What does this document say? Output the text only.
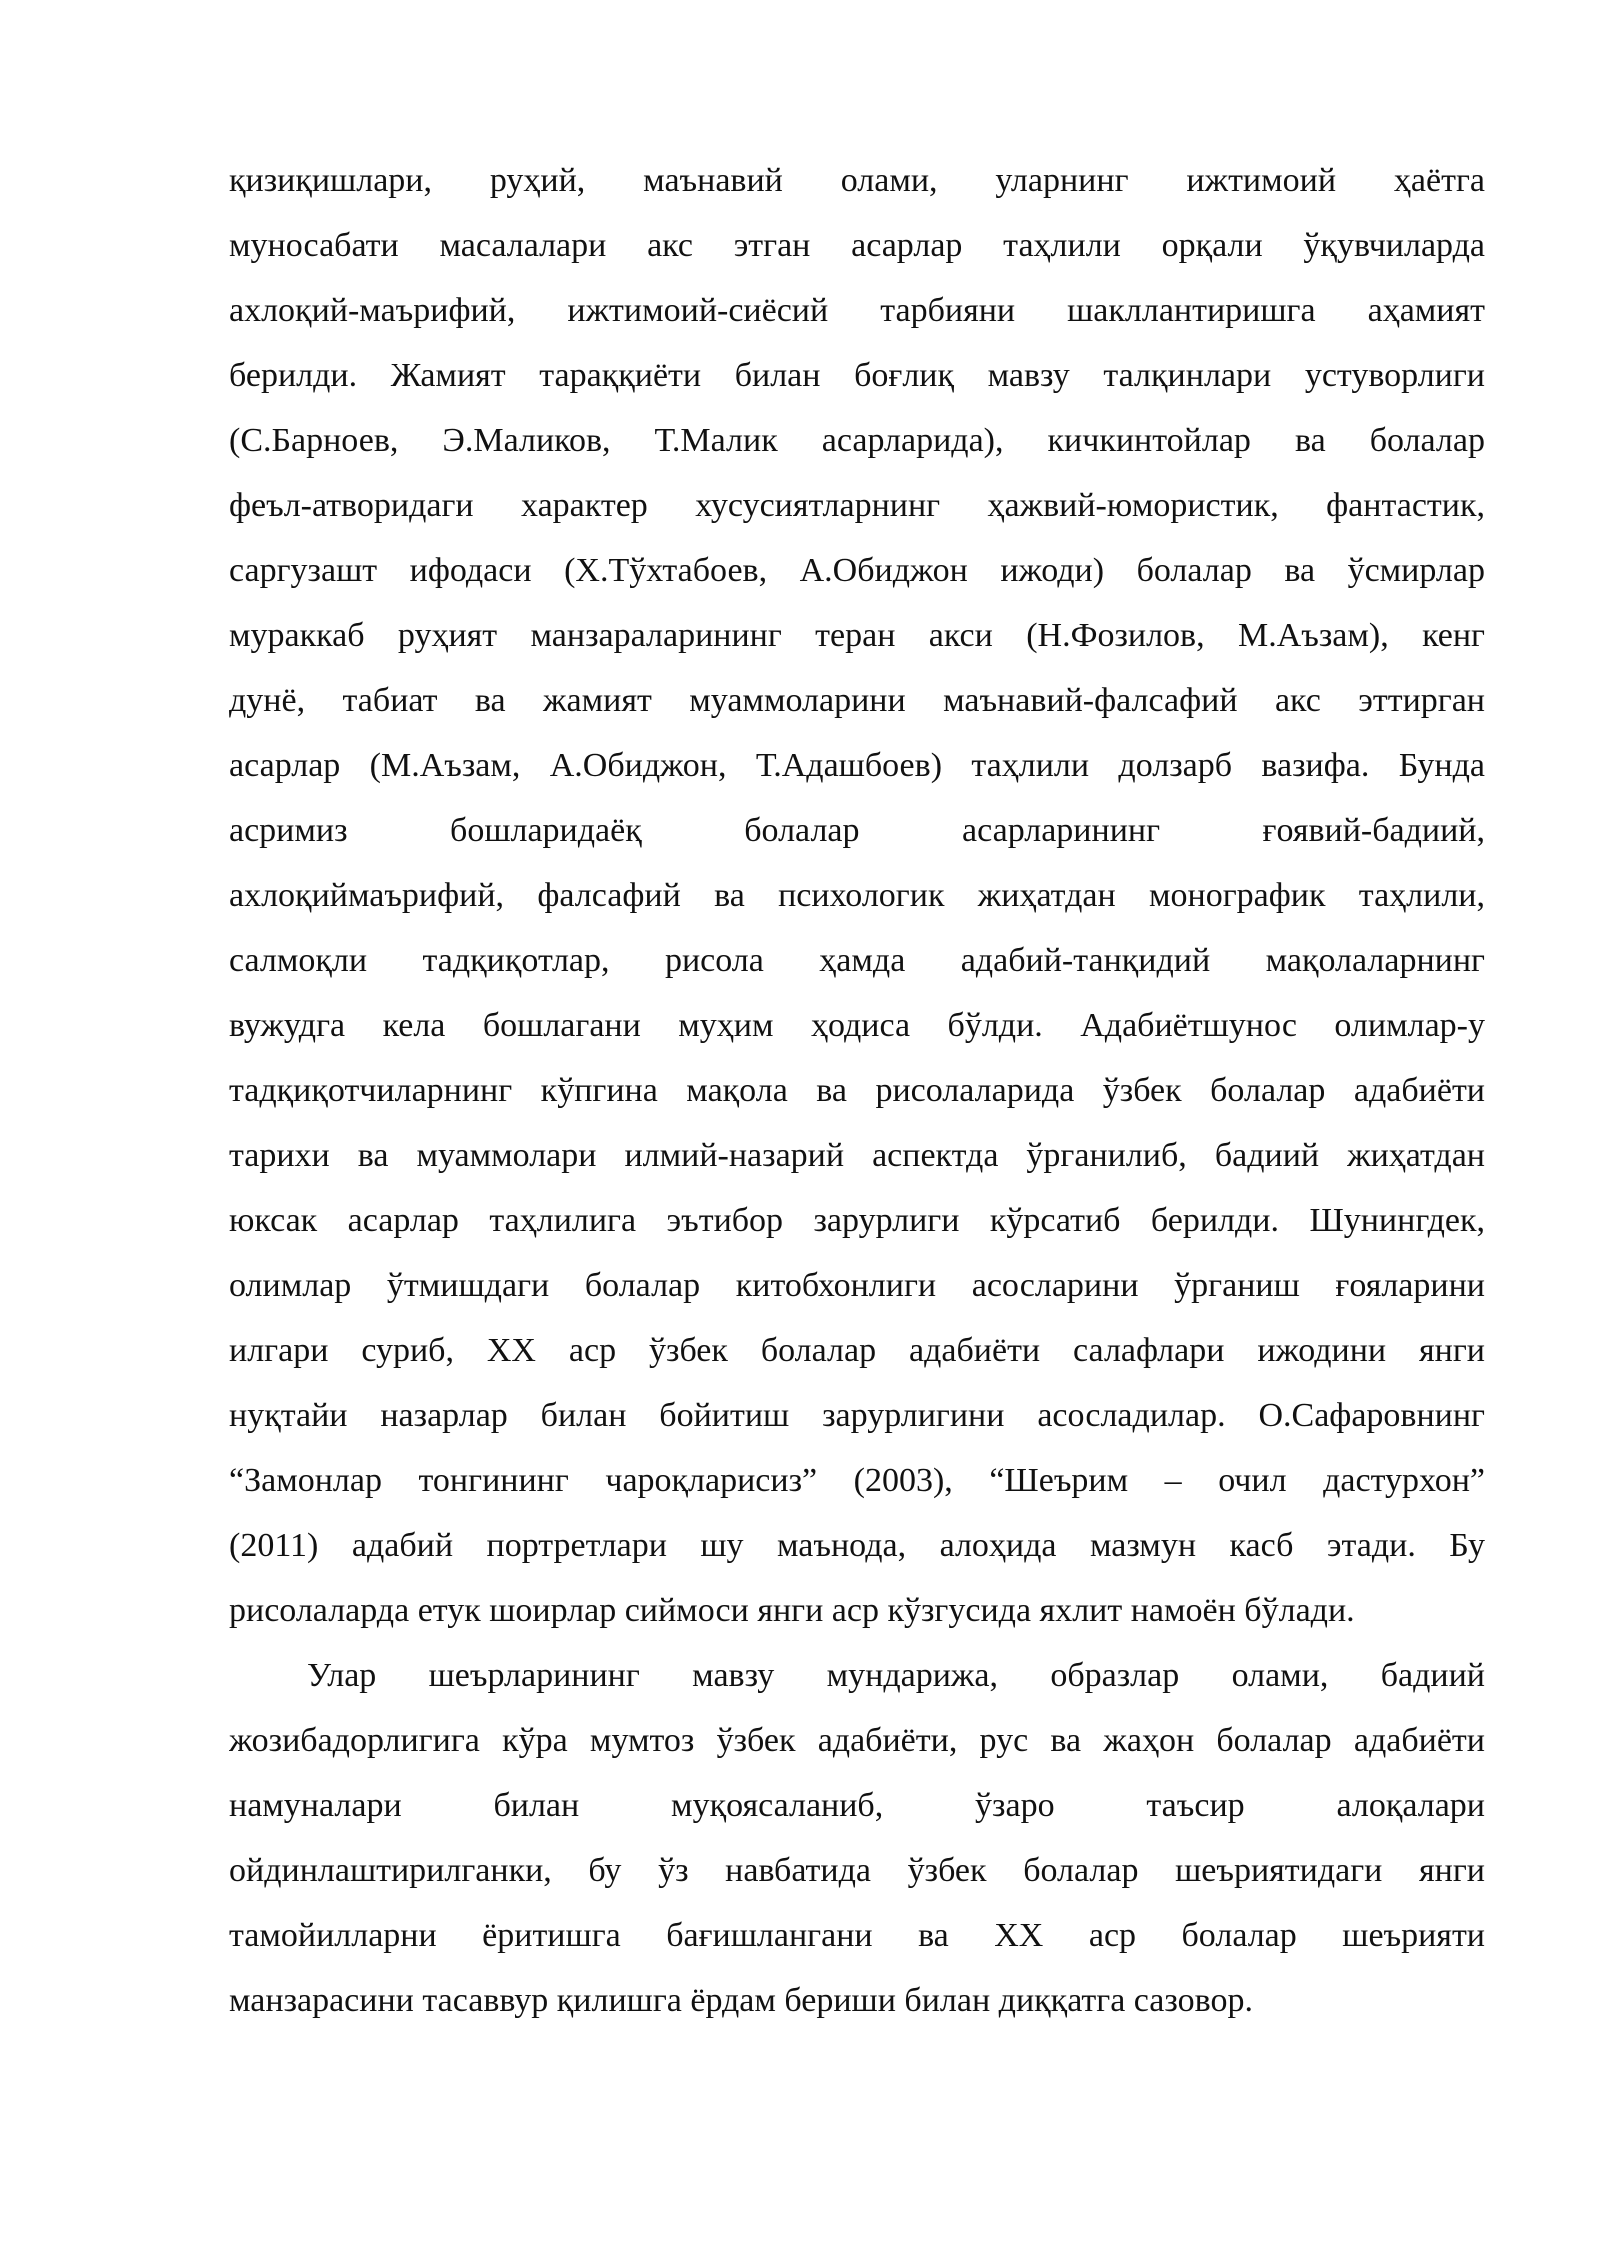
қизиқишлари, руҳий, маънавий олами, уларнинг ижтимоий ҳаётга
муносабати масалалари акс этган асарлар таҳлили орқали ўқувчиларда
ахлоқий-маърифий, ижтимоий-сиёсий тарбияни шакллантиришга аҳамият
берилди. Жамият тараққиёти билан боғлиқ мавзу талқинлари устуворлиги
(С.Барноев, Э.Маликов, Т.Малик асарларида), кичкинтойлар ва болалар
феъл-атворидаги характер хусусиятларнинг ҳажвий-юмористик, фантастик,
саргузашт ифодаси (Х.Тўхтабоев, А.Обиджон ижоди) болалар ва ўсмирлар
мураккаб руҳият манзараларининг теран акси (Н.Фозилов, М.Аъзам), кенг
дунё, табиат ва жамият муаммоларини маънавий-фалсафий акс эттирган
асарлар (М.Аъзам, А.Обиджон, Т.Адашбоев) таҳлили долзарб вазифа. Бунда
асримиз бошларидаёқ болалар асарларининг ғоявий-бадиий,
ахлоқиймаърифий, фалсафий ва психологик жиҳатдан монографик таҳлили,
салмоқли тадқиқотлар, рисола ҳамда адабий-танқидий мақолаларнинг
вужудга кела бошлагани муҳим ҳодиса бўлди. Адабиётшунос олимлар-у
тадқиқотчиларнинг кўпгина мақола ва рисолаларида ўзбек болалар адабиёти
тарихи ва муаммолари илмий-назарий аспектда ўрганилиб, бадиий жиҳатдан
юксак асарлар таҳлилига эътибор зарурлиги кўрсатиб берилди. Шунингдек,
олимлар ўтмишдаги болалар китобхонлиги асосларини ўрганиш ғояларини
илгари суриб, ХХ аср ўзбек болалар адабиёти салафлари ижодини янги
нуқтайи назарлар билан бойитиш зарурлигини асосладилар. О.Сафаровнинг
“Замонлар тонгининг чароқларисиз” (2003), “Шеърим – очил дастурхон”
(2011) адабий портретлари шу маънода, алоҳида мазмун касб этади. Бу
рисолаларда етук шоирлар сиймоси янги аср кўзгусида яхлит намоён бўлади.
Улар шеърларининг мавзу мундарижа, образлар олами, бадиий
жозибадорлигига кўра мумтоз ўзбек адабиёти, рус ва жаҳон болалар адабиёти
намуналари билан муқоясаланиб, ўзаро таъсир алоқалари
ойдинлаштирилганки, бу ўз навбатида ўзбек болалар шеъриятидаги янги
тамойилларни ёритишга бағишлангани ва ХХ аср болалар шеърияти
манзарасини тасаввур қилишга ёрдам бериши билан диққатга сазовор.
